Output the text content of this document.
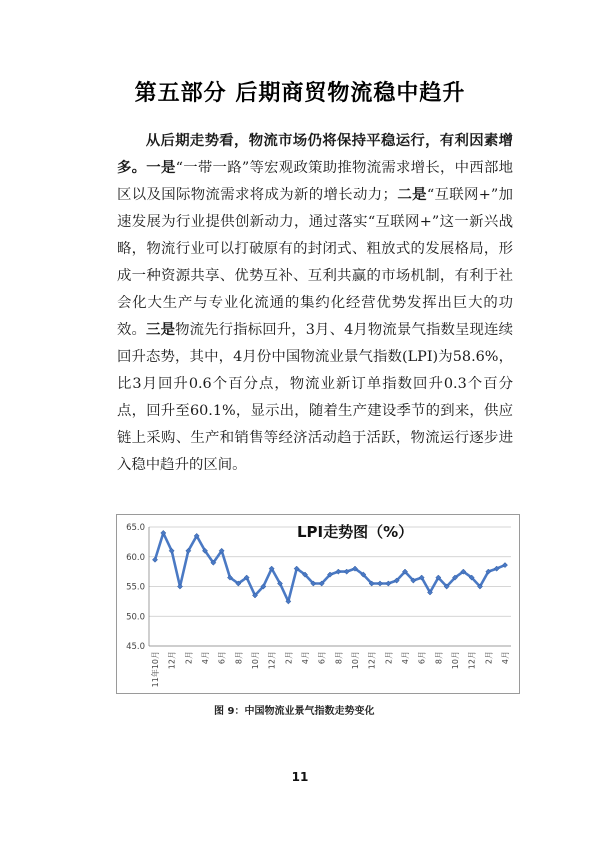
第五部分 后期商贸物流稳中趋升

从后期走势看，物流市场仍将保持平稳运行，有利因素增多。一是“一带一路”等宏观政策助推物流需求增长，中西部地区以及国际物流需求将成为新的增长动力；二是“互联网+”加速发展为行业提供创新动力，通过落实“互联网+”这一新兴战略，物流行业可以打破原有的封闭式、粗放式的发展格局，形成一种资源共享、优势互补、互利共赢的市场机制，有利于社会化大生产与专业化流通的集约化经营优势发挥出巨大的功效。三是物流先行指标回升，3月、4月物流景气指数呈现连续回升态势，其中，4月份中国物流业景气指数(LPI)为58.6%，比3月回升0.6个百分点，物流业新订单指数回升0.3个百分点，回升至60.1%，显示出，随着生产建设季节的到来，供应链上采购、生产和销售等经济活动趋于活跃，物流运行逐步进入稳中趋升的区间。

LPI走势图（%）
65.0
60.0
55.0
50.0
45.0
11年10月 12月 2月 4月 6月 8月 10月 12月 2月 4月 6月 8月 10月 12月 2月 4月 6月 8月 10月 12月 2月 4月
图 9：中国物流业景气指数走势变化
11
